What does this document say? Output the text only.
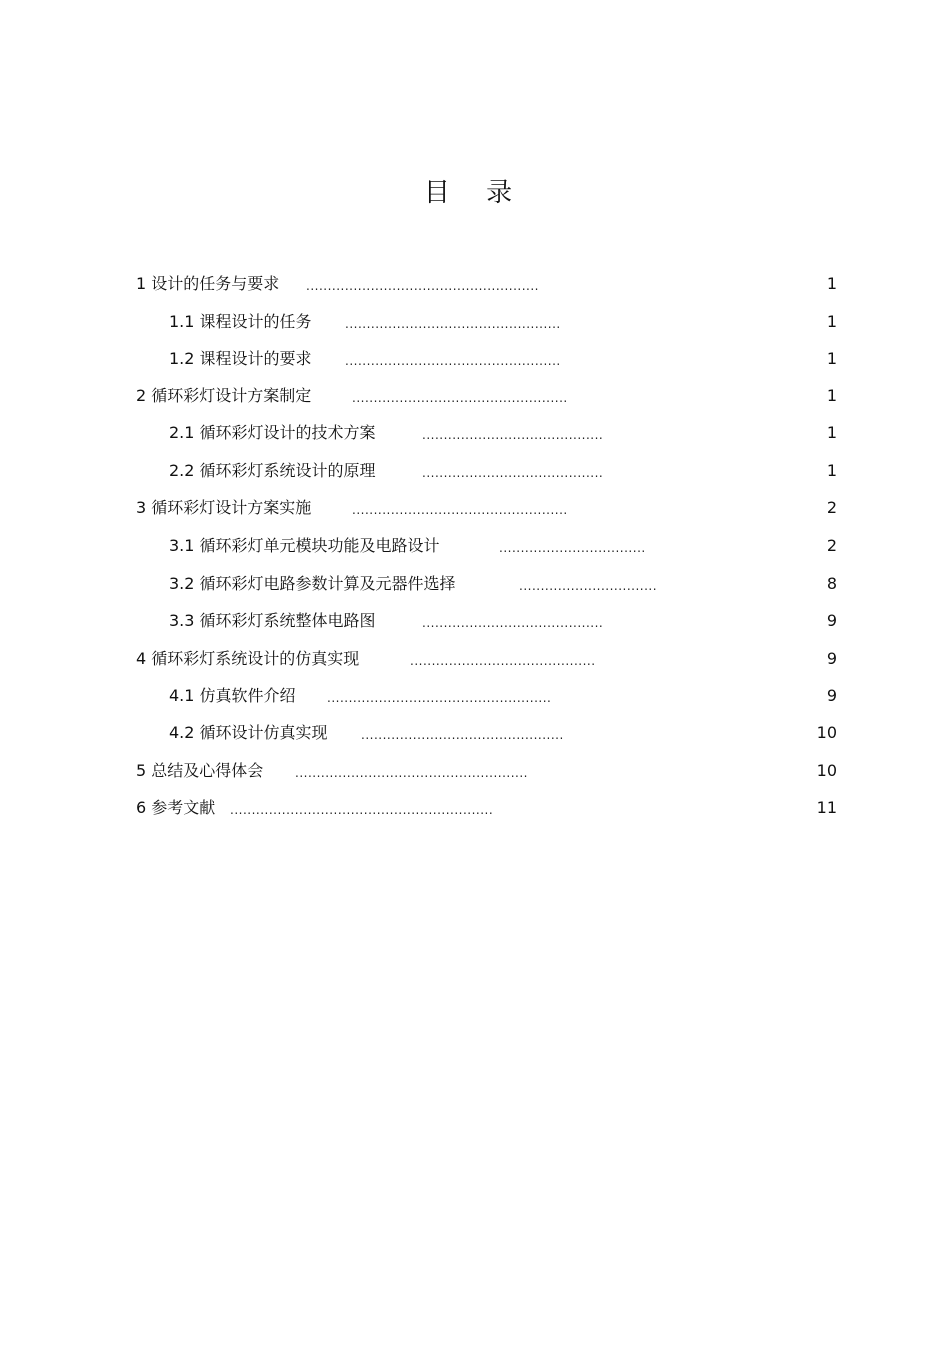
目 录
1 设计的任务与要求 ......................................................	1
1.1 课程设计的任务	..................................................	1
1.2 课程设计的要求	..................................................	1
2 循环彩灯设计方案制定	..................................................	1
2.1 循环彩灯设计的技术方案	..........................................	1
2.2 循环彩灯系统设计的原理	..........................................	1
3 循环彩灯设计方案实施	..................................................	2
3.1 循环彩灯单元模块功能及电路设计	..................................	2
3.2 循环彩灯电路参数计算及元器件选择	................................	8
3.3 循环彩灯系统整体电路图	..........................................	9
4 循环彩灯系统设计的仿真实现	...........................................	9
4.1 仿真软件介绍	....................................................	9
4.2 循环设计仿真实现	...............................................	10
5 总结及心得体会	......................................................	10
6 参考文献 .............................................................	11
